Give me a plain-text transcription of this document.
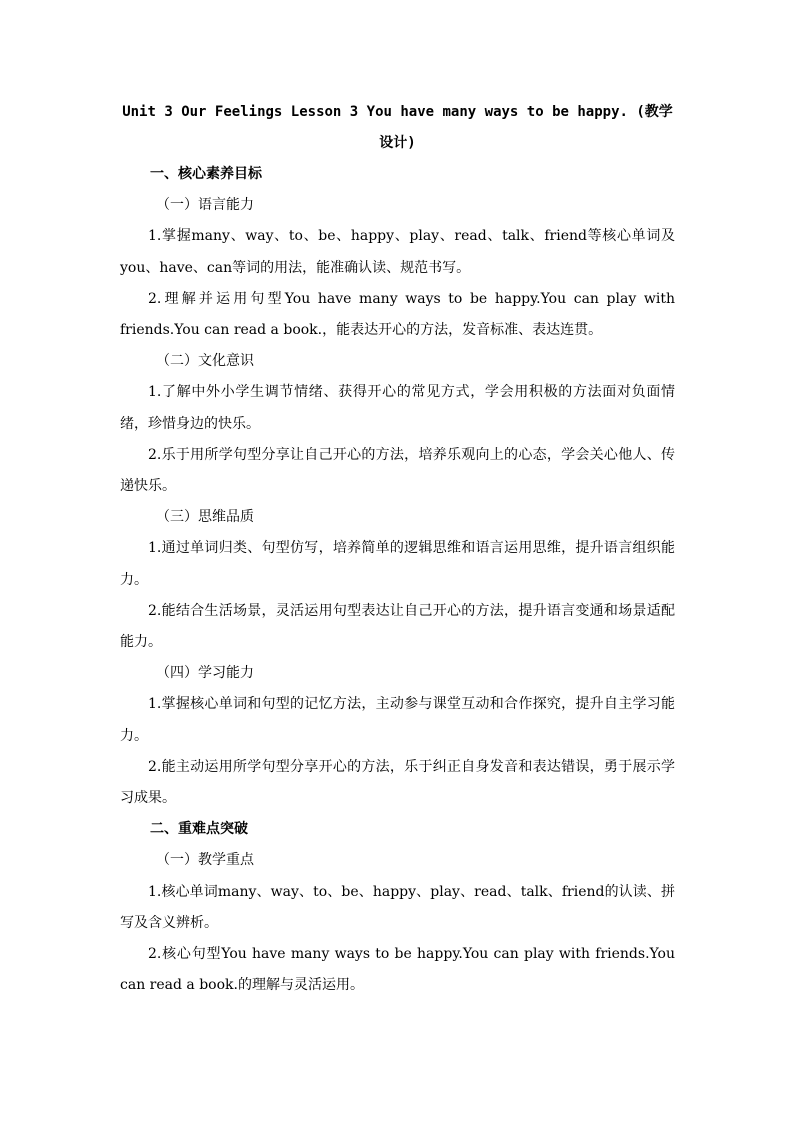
Unit 3 Our Feelings Lesson 3 You have many ways to be happy. (教学设计)

一、核心素养目标

（一）语言能力

1.掌握many、way、to、be、happy、play、read、talk、friend等核心单词及you、have、can等词的用法，能准确认读、规范书写。

2.理解并运用句型You have many ways to be happy.You can play with friends.You can read a book.，能表达开心的方法，发音标准、表达连贯。

（二）文化意识

1.了解中外小学生调节情绪、获得开心的常见方式，学会用积极的方法面对负面情绪，珍惜身边的快乐。

2.乐于用所学句型分享让自己开心的方法，培养乐观向上的心态，学会关心他人、传递快乐。

（三）思维品质

1.通过单词归类、句型仿写，培养简单的逻辑思维和语言运用思维，提升语言组织能力。

2.能结合生活场景，灵活运用句型表达让自己开心的方法，提升语言变通和场景适配能力。

（四）学习能力

1.掌握核心单词和句型的记忆方法，主动参与课堂互动和合作探究，提升自主学习能力。

2.能主动运用所学句型分享开心的方法，乐于纠正自身发音和表达错误，勇于展示学习成果。

二、重难点突破

（一）教学重点

1.核心单词many、way、to、be、happy、play、read、talk、friend的认读、拼写及含义辨析。

2.核心句型You have many ways to be happy.You can play with friends.You can read a book.的理解与灵活运用。
